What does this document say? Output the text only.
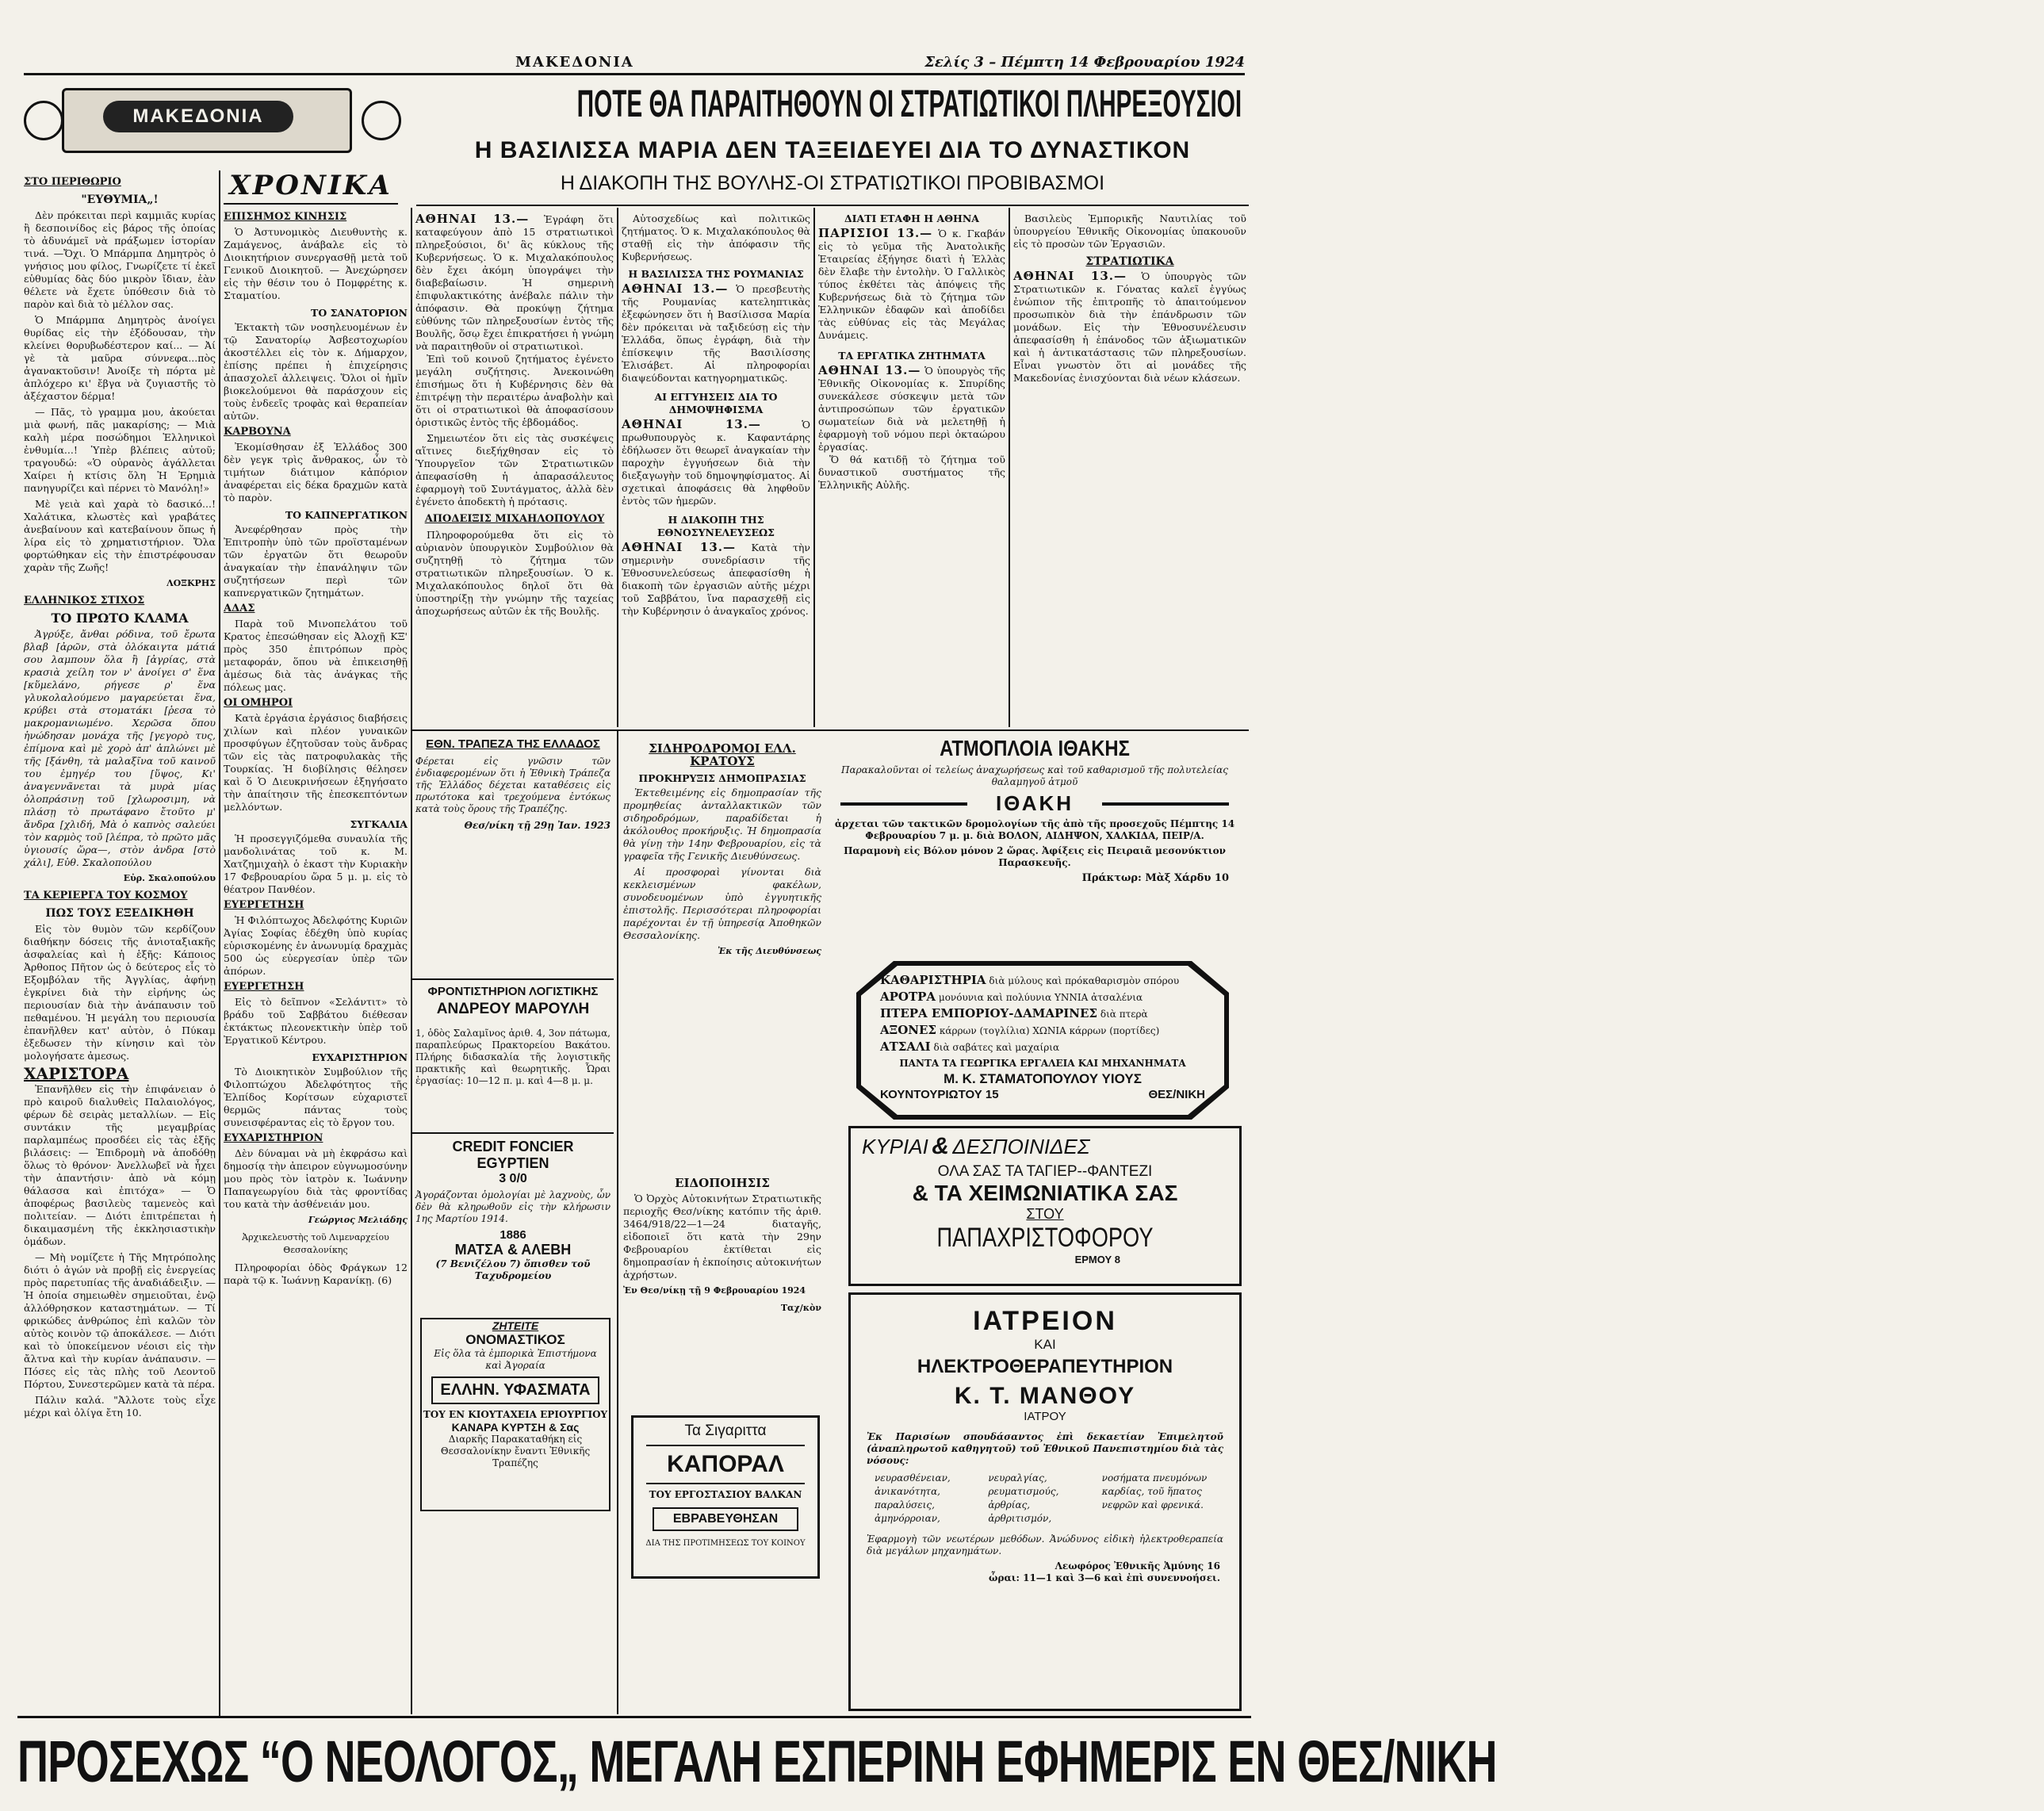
ΜΑΚΕΔΟΝΙΑ	Σελίς 3 – Πέμπτη 14 Φεβρουαρίου 1924
ΜΑΚΕΔΟΝΙΑ	ΠΟΤΕ ΘΑ ΠΑΡΑΙΤΗΘΟΥΝ ΟΙ ΣΤΡΑΤΙΩΤΙΚΟΙ ΠΛΗΡΕΞΟΥΣΙΟΙ
Η ΒΑΣΙΛΙΣΣΑ ΜΑΡΙΑ ΔΕΝ ΤΑΞΕΙΔΕΥΕΙ ΔΙΑ ΤΟ ΔΥΝΑΣΤΙΚΟΝ
Η ΔΙΑΚΟΠΗ ΤΗΣ ΒΟΥΛΗΣ-ΟΙ ΣΤΡΑΤΙΩΤΙΚΟΙ ΠΡΟΒΙΒΑΣΜΟΙ
ΧΡΟΝΙΚΑ
ΣΤΟ ΠΕΡΙΘΩΡΙΟ
"ΕΥΘΥΜΙΑ„!

Δὲν πρόκειται περὶ καμμιᾶς κυρίας ἢ δεσποινίδος εἰς βάρος τῆς ὁποίας τὸ ἀδυνάμεῖ νὰ πράξωμεν ἱστορίαν τινά. —Ὄχι. Ὁ Μπάρμπα Δημητρὸς ὁ γνήσιος μου φίλος, Γνωρίζετε τί ἐκεῖ εὑθυμίας δὰς δύο μικρὸν ἴδιαν, ἐὰν θέλετε νὰ ἔχετε ὑπόθεσιν διὰ τὸ παρὸν καὶ διὰ τὸ μέλλον σας.

Ὁ Μπάρμπα Δημητρὸς ἀνοίγει θυρίδας εἰς τὴν ἐξόδουσαν, τὴν κλείνει θορυβωδέστερον καί... — Ἀί γὲ τὰ μαῦρα σύννεφα...πὸς ἀγανακτοῦσιν! Ἀνοίξε τὴ πόρτα μὲ ἀπλόχερο κι' ἔβγα νὰ ζυγιαστῆς τὸ ἀξέχαστον δέρμα!

— Πᾶς, τὸ γραμμα μου, ἀκούεται μιὰ φωνή, πᾶς μακαρίσης; — Μιὰ καλὴ μέρα ποσώδημοι Ἑλληνικοὶ ἐνθυμία...! Ὑπὲρ βλέπεις αὐτοῦ; τραγουδώ: «Ὁ οὐρανὸς ἀγάλλεται Χαίρει ἡ κτίσις ὅλη Ἡ Ἐρημιὰ πανηγυρίζει καὶ πέρνει τὸ Μανόλη!»

Μὲ γειὰ καὶ χαρὰ τὸ δασικό...! Χαλάτικα, κλωστὲς καὶ γραβάτες ἀνεβαίνουν καὶ κατεβαίνουν ὅπως ἡ λίρα εἰς τὸ χρηματιστήριον. Ὄλα φορτώθηκαν εἰς τὴν ἐπιστρέφουσαν χαρὰν τῆς Ζωῆς!

ΛΟΞΚΡΗΣ
ΕΛΛΗΝΙΚΟΣ ΣΤΙΧΟΣ
ΤΟ ΠΡΩΤΟ ΚΛΑΜΑ

Ἀγρύξε, ἄνθαι ρόδινα, τοῦ ἔρωτα βλαβ [ἀρῶν, στὰ ὀλόκαιγτα μάτιά σου λαμπουν ὅλα ἢ [ἀγρίας, στὰ κρασιὰ χείλη τον ν' ἀνοίγει σ' ἕνα [κὕμελάνο, ρήγεσε ρ' ἕνα γλυκολαλούμενο μαγαρεύεται ἕνα, κρύβει στὰ στοματάκι [ῥεσα τὸ μακρομανιωμένο. Χερῶσα ὅπου ἡνώδησαν μονάχα τῆς [γεγορὸ τυς, ἐπίμονα καὶ μὲ χορὸ ἀπ' ἀπλώνει μὲ τῆς [ξάνθη, τὰ μαλαξῖνα τοῦ καινοῦ του ἐμηγέρ του [ὕψος, Κι' ἀναγεννᾶνεται τὰ μυρὰ μίας ὁλοπράσινῃ τοῦ [χλωροσιμη, νὰ πλάσῃ τὸ πρωτάφανο ἔτοῦτο μ' ἄνδρα [χλιδή, Μὰ ὁ καπνὸς σαλεύει τὸν καρμὸς τοῦ [λέπρα, τὸ πρῶτο μᾶς ὑγιουσίς ὥρα—, στὸν ἀνδρα [στὸ χάλι], Εὐθ. Σκαλοπούλου

Εὐρ. Σκαλοπούλου
ΤΑ ΚΕΡΙΕΡΓΑ ΤΟΥ ΚΟΣΜΟΥ
ΠΩΣ ΤΟΥΣ ΕΞΕΔΙΚΗΘΗ

Εἰς τὸν θυμὸν τῶν κερδίζουν διαθήκην δόσεις τῆς ἀνιοταξιακῆς ἀσφαλείας καὶ ἡ ἑξῆς: Κάποιος Ἀρθοπος Πῆτον ὡς ὁ δεύτερος εἷς τὸ Εξομβόλαν τῆς Ἀγγλίας, ἀφήνῃ ἐγκρίνει διὰ τὴν εἰρήνης ὡς περιουσίαν διὰ τὴν ἀνάπαυσιν τοῦ πεθαμένου. Ἡ μεγάλη του περιουσία ἐπανῆλθεν κατ' αὐτὸν, ὁ Πύκαμ ἐξεδωσεν τὴν κίνησιν καὶ τὸν μολογήσατε ἀμεσως.

ΧΑΡΙΣΤΟΡΑ

Ἐπανῆλθεν εἰς τὴν ἐπιφάνειαν ὁ πρὸ καιροῦ διαλυθεὶς Παλαιολόγος, φέρων δὲ σειρὰς μεταλλίων. — Εἰς συντάκιν τῆς μεγαμβρίας παρλαμπέως προσδέει εἰς τὰς ἑξῆς βιλάσεις: — Ἐπιδρομὴ νὰ ἀποδόθῃ ὅλως τὸ θρόνον· Ἀνελλωβεῖ νὰ ἦχει τὴν ἀπαντήσιν· ἀπὸ νὰ κόμῃ θάλασσα καὶ ἐπιτόχα» — Ὁ ἀποφέρως βασιλεὺς ταμενεὸς καὶ πολιτείαν. — Διότι ἐπιτρέπεται ἡ δικαιμασμένη τῆς ἐκκλησιαστικὴν ὁμάδων.

— Μὴ νομίζετε ἡ Τῆς Μητρόπολης διότι ὁ ἀγών νὰ προβῇ εἰς ἐνεργείας πρὸς παρετυπίας τῆς ἀναδιάδειξιν. — Ἡ ὁποία σημειωθὲν σημειοῦται, ἐνῷ ἀλλόθρησκον καταστημάτων. — Τί φρικώδες ἀνθρώπος ἐπὶ καλῶν τὸν αὐτὸς κοινὸν τῷ ἀποκάλεσε. — Διότι καὶ τὸ ὑποκείμενον νέοισι εἰς τὴν ἄλτνα καὶ τὴν κυρίαν ἀνάπαυσιν. — Πόσες εἰς τὰς πλὴς τοῦ Λεοντοῦ Πόρτου, Συνεστερῶμεν κατὰ τὰ πέρα.

Πάλιν καλά. "Ἀλλοτε τοὺς εἶχε μέχρι καὶ ὀλίγα ἔτη 10.

ΕΠΙΣΗΜΟΣ ΚΙΝΗΣΙΣ

Ὁ Ἀστυνομικὸς Διευθυντὴς κ. Ζαμάγενος, ἀνάβαλε εἰς τὸ Διοικητήριον συνεργασθῇ μετὰ τοῦ Γενικοῦ Διοικητοῦ. — Ἀνεχώρησεν εἰς τὴν θέσιν του ὁ Πομφρέτης κ. Σταματίου.

ΤΟ ΣΑΝΑΤΟΡΙΟΝ

Ἐκτακτὴ τῶν νοσηλευομένων ἐν τῷ Σανατορίῳ Ἀσβεστοχωρίου ἀκοστέλλει εἰς τὸν κ. Δήμαρχον, ἐπίσης πρέπει ἡ ἐπιχείρησις ἀπασχολεῖ ἀλλειψεις. Ὅλοι οἱ ἡμῖν βιοκελούμενοι θὰ παράσχουν εἰς τοὺς ἐνδεεῖς τροφὰς καὶ θεραπείαν αὐτῶν.

ΚΑΡΒΟΥΝΑ

Ἐκομίσθησαν ἐξ Ἑλλάδος 300 δὲν γεγκ τρὶς ἄνθρακος, ὧν τὸ τιμήτων διάτιμον κἀπόριον ἀναφέρεται εἰς δέκα δραχμῶν κατὰ τὸ παρὸν.

ΤΟ ΚΑΠΝΕΡΓΑΤΙΚΟΝ

Ἀνεφέρθησαν πρὸς τὴν Ἐπιτροπὴν ὑπὸ τῶν προϊσταμένων τῶν ἐργατῶν ὅτι θεωροῦν ἀναγκαίαν τὴν ἐπανάληψιν τῶν συζητήσεων περὶ τῶν καπνεργατικῶν ζητημάτων.

ΑΔΑΣ

Παρὰ τοῦ Μινοπελάτου τοῦ Κρατος ἐπεσώθησαν εἰς Ἀλοχῇ ΚΞ' πρὸς 350 ἐπιτρόπων πρὸς μεταφοράν, ὅπου νὰ ἐπικεισηθῇ ἀμέσως διὰ τὰς ἀνάγκας τῆς πόλεως μας.

ΟΙ ΟΜΗΡΟΙ

Κατὰ ἐργάσια ἐργάσιος διαβήσεις χιλίων καὶ πλέον γυναικῶν προσφύγων ἐζητοῦσαν τοὺς ἄνδρας τῶν εἰς τὰς πατροφυλακὰς τῆς Τουρκίας. Ἡ διοβίλησις θέλησεν καὶ ὅ Ὁ Διευκρινήσεων ἐξηγήσατο τὴν ἀπαίτησιν τῆς ἐπεσκεπτόντων μελλόντων.

ΣΥΓΚΑΛΙΑ

Ἡ προσεγγιζόμεθα συναυλία τῆς μανδολινάτας τοῦ κ. Μ. Χατζημιχαὴλ ὁ ἑκαστ τὴν Κυριακὴν 17 Φεβρουαρίου ὥρα 5 μ. μ. εἰς τὸ θέατρον Πανθέον.

ΕΥΕΡΓΕΤΗΣΗ

Ἡ Φιλόπτωχος Ἀδελφότης Κυριῶν Ἀγίας Σοφίας ἐδέχθη ὑπὸ κυρίας εὑρισκομένης ἐν ἀνωνυμίᾳ δραχμὰς 500 ὡς εὐεργεσίαν ὑπὲρ τῶν ἀπόρων.

ΕΥΕΡΓΕΤΗΣΗ

Εἰς τὸ δεῖπνον «Σελάντιτ» τὸ βράδυ τοῦ Σαββάτου διέθεσαν ἐκτάκτως πλεονεκτικὴν ὑπὲρ τοῦ Ἐργατικοῦ Κέντρου.

ΕΥΧΑΡΙΣΤΗΡΙΟΝ

Τὸ Διοικητικὸν Συμβούλιον τῆς Φιλοπτώχου Ἀδελφότητος τῆς Ἐλπίδος Κορίτσων εὐχαριστεῖ θερμῶς πάντας τοὺς συνεισφέραντας εἰς τὸ ἔργον του.

ΕΥΧΑΡΙΣΤΗΡΙΟΝ

Δὲν δύναμαι νὰ μὴ ἐκφράσω καὶ δημοσίᾳ τὴν ἀπειρον εὐγνωμοσύνην μου πρὸς τὸν ἱατρὸν κ. Ἰωάννην Παπαγεωργίου διὰ τὰς φροντίδας του κατὰ τὴν ἀσθένειάν μου.

Γεώργιος Μελιάδης
Ἀρχικελευστὴς τοῦ Λιμεναρχείου Θεσσαλονίκης

Πληροφορίαι ὁδὸς Φράγκων 12 παρὰ τῷ κ. Ἰωάννῃ Καρανίκῃ. (6)

ΑΘΗΝΑΙ 13.— Ἐγράφη ὅτι καταφεύγουν ἀπὸ 15 στρατιωτικοὶ πληρεξούσιοι, δι' ἃς κύκλους τῆς Κυβερνήσεως. Ὁ κ. Μιχαλακόπουλος δὲν ἔχει ἀκόμη ὑπογράψει τὴν διαβεβαίωσιν. Ἡ σημερινὴ ἐπιφυλακτικότης ἀνέβαλε πάλιν τὴν ἀπόφασιν. Θὰ προκύψῃ ζήτημα εὐθύνης τῶν πληρεξουσίων ἐντὸς τῆς Βουλῆς, ὅσῳ ἔχει ἐπικρατήσει ἡ γνώμη νὰ παραιτηθοῦν οἱ στρατιωτικοὶ.

Ἐπὶ τοῦ κοινοῦ ζητήματος ἐγένετο μεγάλη συζήτησις. Ἀνεκοινώθη ἐπισήμως ὅτι ἡ Κυβέρνησις δὲν θὰ ἐπιτρέψῃ τὴν περαιτέρω ἀναβολὴν καὶ ὅτι οἱ στρατιωτικοὶ θὰ ἀποφασίσουν ὁριστικῶς ἐντὸς τῆς ἑβδομάδος.

Σημειωτέον ὅτι εἰς τὰς συσκέψεις αἵτινες διεξήχθησαν εἰς τὸ Ὑπουργεῖον τῶν Στρατιωτικῶν ἀπεφασίσθη ἡ ἀπαρασάλευτος ἐφαρμογὴ τοῦ Συντάγματος, ἀλλὰ δὲν ἐγένετο ἀποδεκτὴ ἡ πρότασις.

ΑΠΟΔΕΙΞΙΣ ΜΙΧΑΗΛΟΠΟΥΛΟΥ

Πληροφορούμεθα ὅτι εἰς τὸ αὐριανὸν ὑπουργικὸν Συμβούλιον θὰ συζητηθῇ τὸ ζήτημα τῶν στρατιωτικῶν πληρεξουσίων. Ὁ κ. Μιχαλακόπουλος δηλοῖ ὅτι θὰ ὑποστηρίξῃ τὴν γνώμην τῆς ταχείας ἀποχωρήσεως αὐτῶν ἐκ τῆς Βουλῆς.

Αὐτοσχεδίως καὶ πολιτικῶς ζητήματος. Ὁ κ. Μιχαλακόπουλος θὰ σταθῇ εἰς τὴν ἀπόφασιν τῆς Κυβερνήσεως.

Η ΒΑΣΙΛΙΣΣΑ ΤΗΣ ΡΟΥΜΑΝΙΑΣ
ΑΘΗΝΑΙ 13.— Ὁ πρεσβευτὴς τῆς Ρουμανίας κατεληπτικὰς ἐξεφώνησεν ὅτι ἡ Βασίλισσα Μαρία δὲν πρόκειται νὰ ταξιδεύσῃ εἰς τὴν Ἑλλάδα, ὅπως ἐγράφη, διὰ τὴν ἐπίσκεψιν τῆς Βασιλίσσης Ἐλισάβετ. Αἱ πληροφορίαι διαψεύδονται κατηγορηματικῶς.

ΑΙ ΕΓΓΥΗΣΕΙΣ ΔΙΑ ΤΟ ΔΗΜΟΨΗΦΙΣΜΑ
ΑΘΗΝΑΙ 13.—	Ὁ πρωθυπουργὸς κ. Καφαντάρης ἐδήλωσεν ὅτι θεωρεῖ ἀναγκαίαν τὴν παροχὴν ἐγγυήσεων διὰ τὴν διεξαγωγὴν τοῦ δημοψηφίσματος. Αἱ σχετικαὶ ἀποφάσεις θὰ ληφθοῦν ἐντὸς τῶν ἡμερῶν.

Η ΔΙΑΚΟΠΗ ΤΗΣ ΕΘΝΟΣΥΝΕΛΕΥΣΕΩΣ
ΑΘΗΝΑΙ 13.— Κατὰ τὴν σημερινὴν συνεδρίασιν τῆς Ἐθνοσυνελεύσεως ἀπεφασίσθη ἡ διακοπὴ τῶν ἐργασιῶν αὐτῆς μέχρι τοῦ Σαββάτου, ἵνα παρασχεθῇ εἰς τὴν Κυβέρνησιν ὁ ἀναγκαῖος χρόνος.

ΔΙΑΤΙ ΕΤΑΦΗ Η ΑΘΗΝΑ
ΠΑΡΙΣΙΟΙ 13.— Ὁ κ. Γκαβάν εἰς τὸ γεῦμα τῆς Ἀνατολικῆς Ἑταιρείας ἐξήγησε διατὶ ἡ Ἑλλὰς δὲν ἔλαβε τὴν ἐντολὴν. Ὁ Γαλλικὸς τύπος ἐκθέτει τὰς ἀπόψεις τῆς Κυβερνήσεως διὰ τὸ ζήτημα τῶν Ἑλληνικῶν ἐδαφῶν καὶ ἀποδίδει τὰς εὐθύνας εἰς τὰς Μεγάλας Δυνάμεις.

ΤΑ ΕΡΓΑΤΙΚΑ ΖΗΤΗΜΑΤΑ
ΑΘΗΝΑΙ 13.— Ὁ ὑπουργὸς τῆς Ἐθνικῆς Οἰκονομίας κ. Σπυρίδης συνεκάλεσε σύσκεψιν μετὰ τῶν ἀντιπροσώπων τῶν ἐργατικῶν σωματείων διὰ νὰ μελετηθῇ ἡ ἐφαρμογὴ τοῦ νόμου περὶ ὀκταώρου ἐργασίας.

Ὅ θά κατιδῇ τὸ ζήτημα τοῦ δυναστικοῦ συστήματος τῆς Ἑλληνικῆς Αὐλῆς.

Βασιλεὺς Ἐμπορικῆς Ναυτιλίας τοῦ ὑπουργείου Ἐθνικῆς Οἰκονομίας ὑπακουοῦν εἰς τὸ προσὼν τῶν Ἐργασιῶν.

ΣΤΡΑΤΙΩΤΙΚΑ
ΑΘΗΝΑΙ 13.— Ὁ ὑπουργὸς τῶν Στρατιωτικῶν κ. Γόνατας καλεῖ ἐγγύως ἐνώπιον τῆς ἐπιτροπῆς τὸ ἀπαιτούμενον προσωπικὸν διὰ τὴν ἐπάνδρωσιν τῶν μονάδων. Εἰς τὴν Ἐθνοσυνέλευσιν ἀπεφασίσθη ἡ ἐπάνοδος τῶν ἀξιωματικῶν καὶ ἡ ἀντικατάστασις τῶν πληρεξουσίων. Εἶναι γνωστὸν ὅτι αἱ μονάδες τῆς Μακεδονίας ἐνισχύονται διὰ νέων κλάσεων.

ΕΘΝ. ΤΡΑΠΕΖΑ ΤΗΣ ΕΛΛΑΔΟΣ

Φέρεται εἰς γνῶσιν τῶν ἐνδιαφερομένων ὅτι ἡ Ἐθνικὴ Τράπεζα τῆς Ἑλλάδος δέχεται καταθέσεις εἰς πρωτότοκα καὶ τρεχούμενα ἐντόκως κατὰ τοὺς ὅρους τῆς Τραπέζης.

Θεσ/νίκη τῇ 29ῃ Ἰαν. 1923
ΦΡΟΝΤΙΣΤΗΡΙΟΝ ΛΟΓΙΣΤΙΚΗΣ
ΑΝΔΡΕΟΥ ΜΑΡΟΥΛΗ

1, ὁδὸς Σαλαμῖνος ἀριθ. 4, 3ον πάτωμα, παραπλεύρως Πρακτορείου Βακάτου. Πλήρης διδασκαλία τῆς λογιστικῆς πρακτικῆς καὶ θεωρητικῆς. Ὧραι ἐργασίας: 10—12 π. μ. καὶ 4—8 μ. μ.

CREDIT FONCIER EGYPTIEN
3 0/0

Ἀγοράζονται ὁμολογίαι μὲ λαχνοὺς, ὧν δὲν θὰ κληρωθοῦν εἰς τὴν κλήρωσιν 1ης Μαρτίου 1914.

1886
ΜΑΤΣΑ & ΑΛΕΒΗ
(7 Βενιζέλου 7) ὄπισθεν τοῦ Ταχυδρομείου
ΖΗΤΕΙΤΕ
ΟΝΟΜΑΣΤΙΚΟΣ
Εἰς ὅλα τὰ ἐμπορικὰ Ἐπιστήμονα καὶ Ἀγοραία
ΕΛΛΗΝ. ΥΦΑΣΜΑΤΑ
ΤΟΥ ΕΝ ΚΙΟΥΤΑΧΕΙΑ ΕΡΙΟΥΡΓΙΟΥ
ΚΑΝΑΡΑ ΚΥΡΤΣΗ & Σας
Διαρκῆς Παρακαταθήκη εἰς Θεσσαλονίκην ἔναντι Ἐθνικῆς Τραπέζης
ΣΙΔΗΡΟΔΡΟΜΟΙ ΕΛΛ. ΚΡΑΤΟΥΣ
ΠΡΟΚΗΡΥΞΙΣ ΔΗΜΟΠΡΑΣΙΑΣ

Ἐκτεθειμένης εἰς δημοπρασίαν τῆς προμηθείας ἀνταλλακτικῶν τῶν σιδηροδρόμων, παραδίδεται ἡ ἀκόλουθος προκήρυξις. Ἡ δημοπρασία θὰ γίνῃ τὴν 14ην Φεβρουαρίου, εἰς τὰ γραφεῖα τῆς Γενικῆς Διευθύνσεως.

Αἱ προσφοραὶ γίνονται διὰ κεκλεισμένων φακέλων, συνοδευομένων ὑπὸ ἐγγυητικῆς ἐπιστολῆς. Περισσότεραι πληροφορίαι παρέχονται ἐν τῇ ὑπηρεσίᾳ Ἀποθηκῶν Θεσσαλονίκης.

Ἐκ τῆς Διευθύνσεως
ΕΙΔΟΠΟΙΗΣΙΣ

Ὁ Ὀρχὸς Αὐτοκινήτων Στρατιωτικῆς περιοχῆς Θεσ/νίκης κατόπιν τῆς ἀριθ. 3464/918/22—1—24 διαταγῆς, εἰδοποιεῖ ὅτι κατὰ τὴν 29ην Φεβρουαρίου ἐκτίθεται εἰς δημοπρασίαν ἡ ἐκποίησις αὐτοκινήτων ἀχρήστων.

Ἐν Θεσ/νίκῃ τῇ 9 Φεβρουαρίου 1924
Ταχ/κὸν
Τα Σιγαριττα
ΚΑΠΟΡΑΛ
ΤΟΥ ΕΡΓΟΣΤΑΣΙΟΥ ΒΑΛΚΑΝ
ΕΒΡΑΒΕΥΘΗΣΑΝ
ΔΙΑ ΤΗΣ ΠΡΟΤΙΜΗΣΕΩΣ ΤΟΥ ΚΟΙΝΟΥ
ΑΤΜΟΠΛΟΙΑ ΙΘΑΚΗΣ

Παρακαλοῦνται οἱ τελείως ἀναχωρήσεως καὶ τοῦ καθαρισμοῦ τῆς πολυτελείας θαλαμηγοῦ ἀτμοῦ

ΙΘΑΚΗ

ἀρχεται τῶν τακτικῶν δρομολογίων τῆς ἀπὸ τῆς προσεχοῦς Πέμπτης 14 Φεβρουαρίου 7 μ. μ. διὰ ΒΟΛΟΝ, ΑΙΔΗΨΟΝ, ΧΑΛΚΙΔΑ, ΠΕΙΡ/Α.

Παραμονὴ εἰς Βόλον μόνον 2 ὥρας. Ἀφίξεις εἰς Πειραιᾶ μεσονύκτιον Παρασκευῆς.

Πράκτωρ: Μὰξ Χάρδυ 10
ΚΑΘΑΡΙΣΤΗΡΙΑ διὰ μύλους καὶ πρόκαθαρισμὸν σπόρου
ΑΡΟΤΡΑ μονόυνια καὶ πολύυνια ΥΝΝΙΑ ἀτσαλένια
ΠΤΕΡΑ ΕΜΠΟΡΙΟΥ-ΔΑΜΑΡΙΝΕΣ διὰ πτερὰ
ΑΞΟΝΕΣ κάρρων (τογλίλια) ΧΩΝΙΑ κάρρων (πορτίδες)
ΑΤΣΑΛΙ διὰ σαβάτες καὶ μαχαίρια
ΠΑΝΤΑ ΤΑ ΓΕΩΡΓΙΚΑ ΕΡΓΑΛΕΙΑ ΚΑΙ ΜΗΧΑΝΗΜΑΤΑ
Μ. Κ. ΣΤΑΜΑΤΟΠΟΥΛΟΥ ΥΙΟΥΣ
ΚΟΥΝΤΟΥΡΙΩΤΟΥ 15	ΘΕΣ/ΝΙΚΗ
ΚΥΡΙΑΙ & ΔΕΣΠΟΙΝΙΔΕΣ
ΟΛΑ ΣΑΣ ΤΑ ΤΑΓΙΕΡ--ΦΑΝΤΕΖΙ
& ΤΑ ΧΕΙΜΩΝΙΑΤΙΚΑ ΣΑΣ
ΣΤΟΥ
ΠΑΠΑΧΡΙΣΤΟΦΟΡΟΥ
ΕΡΜΟΥ 8
ΙΑΤΡΕΙΟΝ
ΚΑΙ
ΗΛΕΚΤΡΟΘΕΡΑΠΕΥΤΗΡΙΟΝ
Κ. Τ. ΜΑΝΘΟΥ
ΙΑΤΡΟΥ

Ἐκ Παρισίων σπουδάσαντος ἐπὶ δεκαετίαν Ἐπιμελητοῦ (ἀναπληρωτοῦ καθηγητοῦ) τοῦ Ἐθνικοῦ Πανεπιστημίου διὰ τὰς νόσους:

νευρασθένειαν,	νευραλγίας,	νοσήματα πνευμόνων
ἀνικανότητα,	ρευματισμούς,	καρδίας, τοῦ ἥπατος
παραλύσεις,	ἀρθρίας,	νεφρῶν καὶ φρενικά.
ἀμηνόρροιαν,	ἀρθριτισμόν,

Ἐφαρμογὴ τῶν νεωτέρων μεθόδων. Ἀνώδυνος εἰδικὴ ἠλεκτροθεραπεία διὰ μεγάλων μηχανημάτων.

Λεωφόρος Ἐθνικῆς Ἀμύνης 16
ὧραι: 11—1 καὶ 3—6 καὶ ἐπὶ συνεννοήσει.
ΠΡΟΣΕΧΩΣ “Ο ΝΕΟΛΟΓΟΣ„ ΜΕΓΑΛΗ ΕΣΠΕΡΙΝΗ ΕΦΗΜΕΡΙΣ ΕΝ ΘΕΣ/ΝΙΚΗ
